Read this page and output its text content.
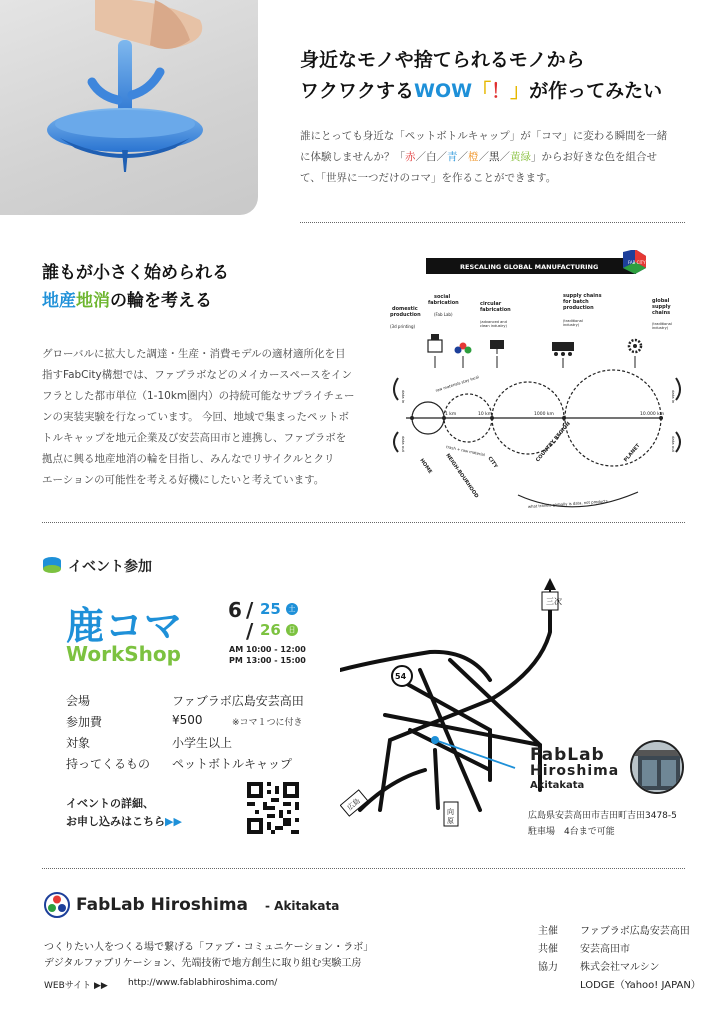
身近なモノや捨てられるモノから
ワクワクするWOW「！」が作ってみたい
誰にとっても身近な「ペットボトルキャップ」が「コマ」に変わる瞬間を一緒
に体験しませんか？「赤／白／青／橙／黒／黄緑」からお好きな色を組合せ
て、「世界に一つだけのコマ」を作ることができます。
誰もが小さく始められる
地産地消の輪を考える
グローバルに拡大した調達・生産・消費モデルの適材適所化を目
指すFabCity構想では、ファブラボなどのメイカースペースをイン
フラとした都市単位（1-10km圏内）の持続可能なサプライチェー
ンの実装実験を行なっています。 今回、地域で集まったペットボ
トルキャップを地元企業及び安芸高田市と連携し、ファブラボを
拠点に興る地産地消の輪を目指し、みんなでリサイクルとクリ
エーションの可能性を考える好機にしたいと考えています。
RESCALING GLOBAL MANUFACTURING
FAB CITY
domestic production
(3d printing)
social fabrication
(Fab Lab)
circular fabrication
(advanced and clean industry)
supply chains for batch production
(traditional industry)
global supply chains
(traditional industry)
1 km	10 km	1000 km	10.000 km
raw materials stay local
trash + raw material
data in
data out
data in
data out
HOME NEIGH-BOURHOOD CITY	COUNTRY REGION	PLANET
what travels globally is data, not products
イベント参加
鹿コマ
WorkShop
6 / 25	土
/ 26	日
AM 10:00 - 12:00
PM 13:00 - 15:00
会場	ファブラボ広島安芸高田
参加費	¥500	※コマ１つに付き
対象	小学生以上
持ってくるもの ペットボトルキャップ
イベントの詳細、
お申し込みはこちら▶▶
三次
54
広島
向原
FabLab
Hiroshima
Akitakata
広島県安芸高田市吉田町吉田3478-5
駐車場　4台まで可能
FabLab Hiroshima - Akitakata
つくりたい人をつくる場で繋げる「ファブ・コミュニケーション・ラボ」
デジタルファブリケーション、先端技術で地方創生に取り組む実験工房
WEBサイト ▶▶ http://www.fablabhiroshima.com/
主催 ファブラボ広島安芸高田
共催 安芸高田市
協力 株式会社マルシン
LODGE（Yahoo! JAPAN）
